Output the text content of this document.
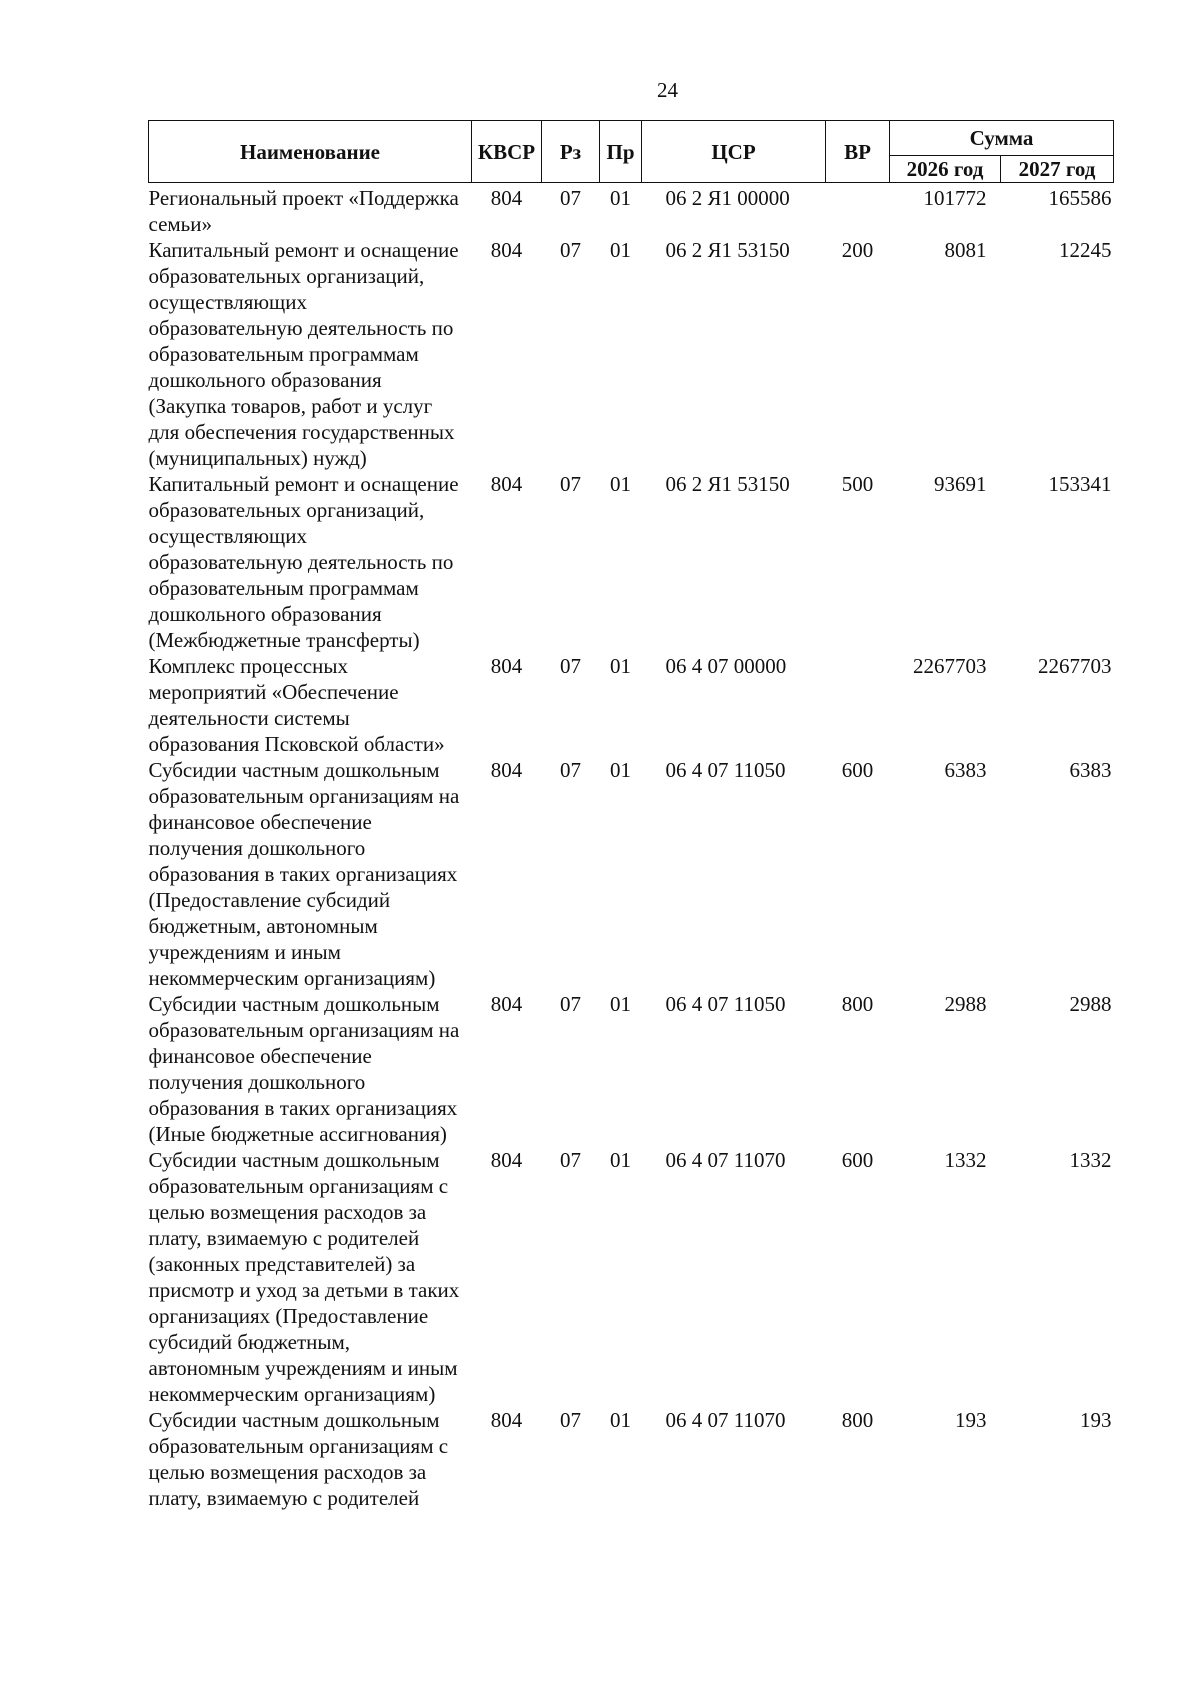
24
Наименование	КВСР	Рз	Пр	ЦСР	ВР	Сумма	
						2026 год	2027 год
Региональный проект «Поддержка семьи»	804	07	01	06 2 Я1 00000		101772	165586
Капитальный ремонт и оснащение образовательных организаций, осуществляющих образовательную деятельность по образовательным программам дошкольного образования (Закупка товаров, работ и услуг для обеспечения государственных (муниципальных) нужд)	804	07	01	06 2 Я1 53150	200	8081	12245
Капитальный ремонт и оснащение образовательных организаций, осуществляющих образовательную деятельность по образовательным программам дошкольного образования (Межбюджетные трансферты)	804	07	01	06 2 Я1 53150	500	93691	153341
Комплекс процессных мероприятий «Обеспечение деятельности системы образования Псковской области»	804	07	01	06 4 07 00000		2267703	2267703
Субсидии частным дошкольным образовательным организациям на финансовое обеспечение получения дошкольного образования в таких организациях (Предоставление субсидий бюджетным, автономным учреждениям и иным некоммерческим организациям)	804	07	01	06 4 07 11050	600	6383	6383
Субсидии частным дошкольным образовательным организациям на финансовое обеспечение получения дошкольного образования в таких организациях (Иные бюджетные ассигнования)	804	07	01	06 4 07 11050	800	2988	2988
Субсидии частным дошкольным образовательным организациям с целью возмещения расходов за плату, взимаемую с родителей (законных представителей) за присмотр и уход за детьми в таких организациях (Предоставление субсидий бюджетным, автономным учреждениям и иным некоммерческим организациям)	804	07	01	06 4 07 11070	600	1332	1332
Субсидии частным дошкольным образовательным организациям с целью возмещения расходов за плату, взимаемую с родителей	804	07	01	06 4 07 11070	800	193	193
